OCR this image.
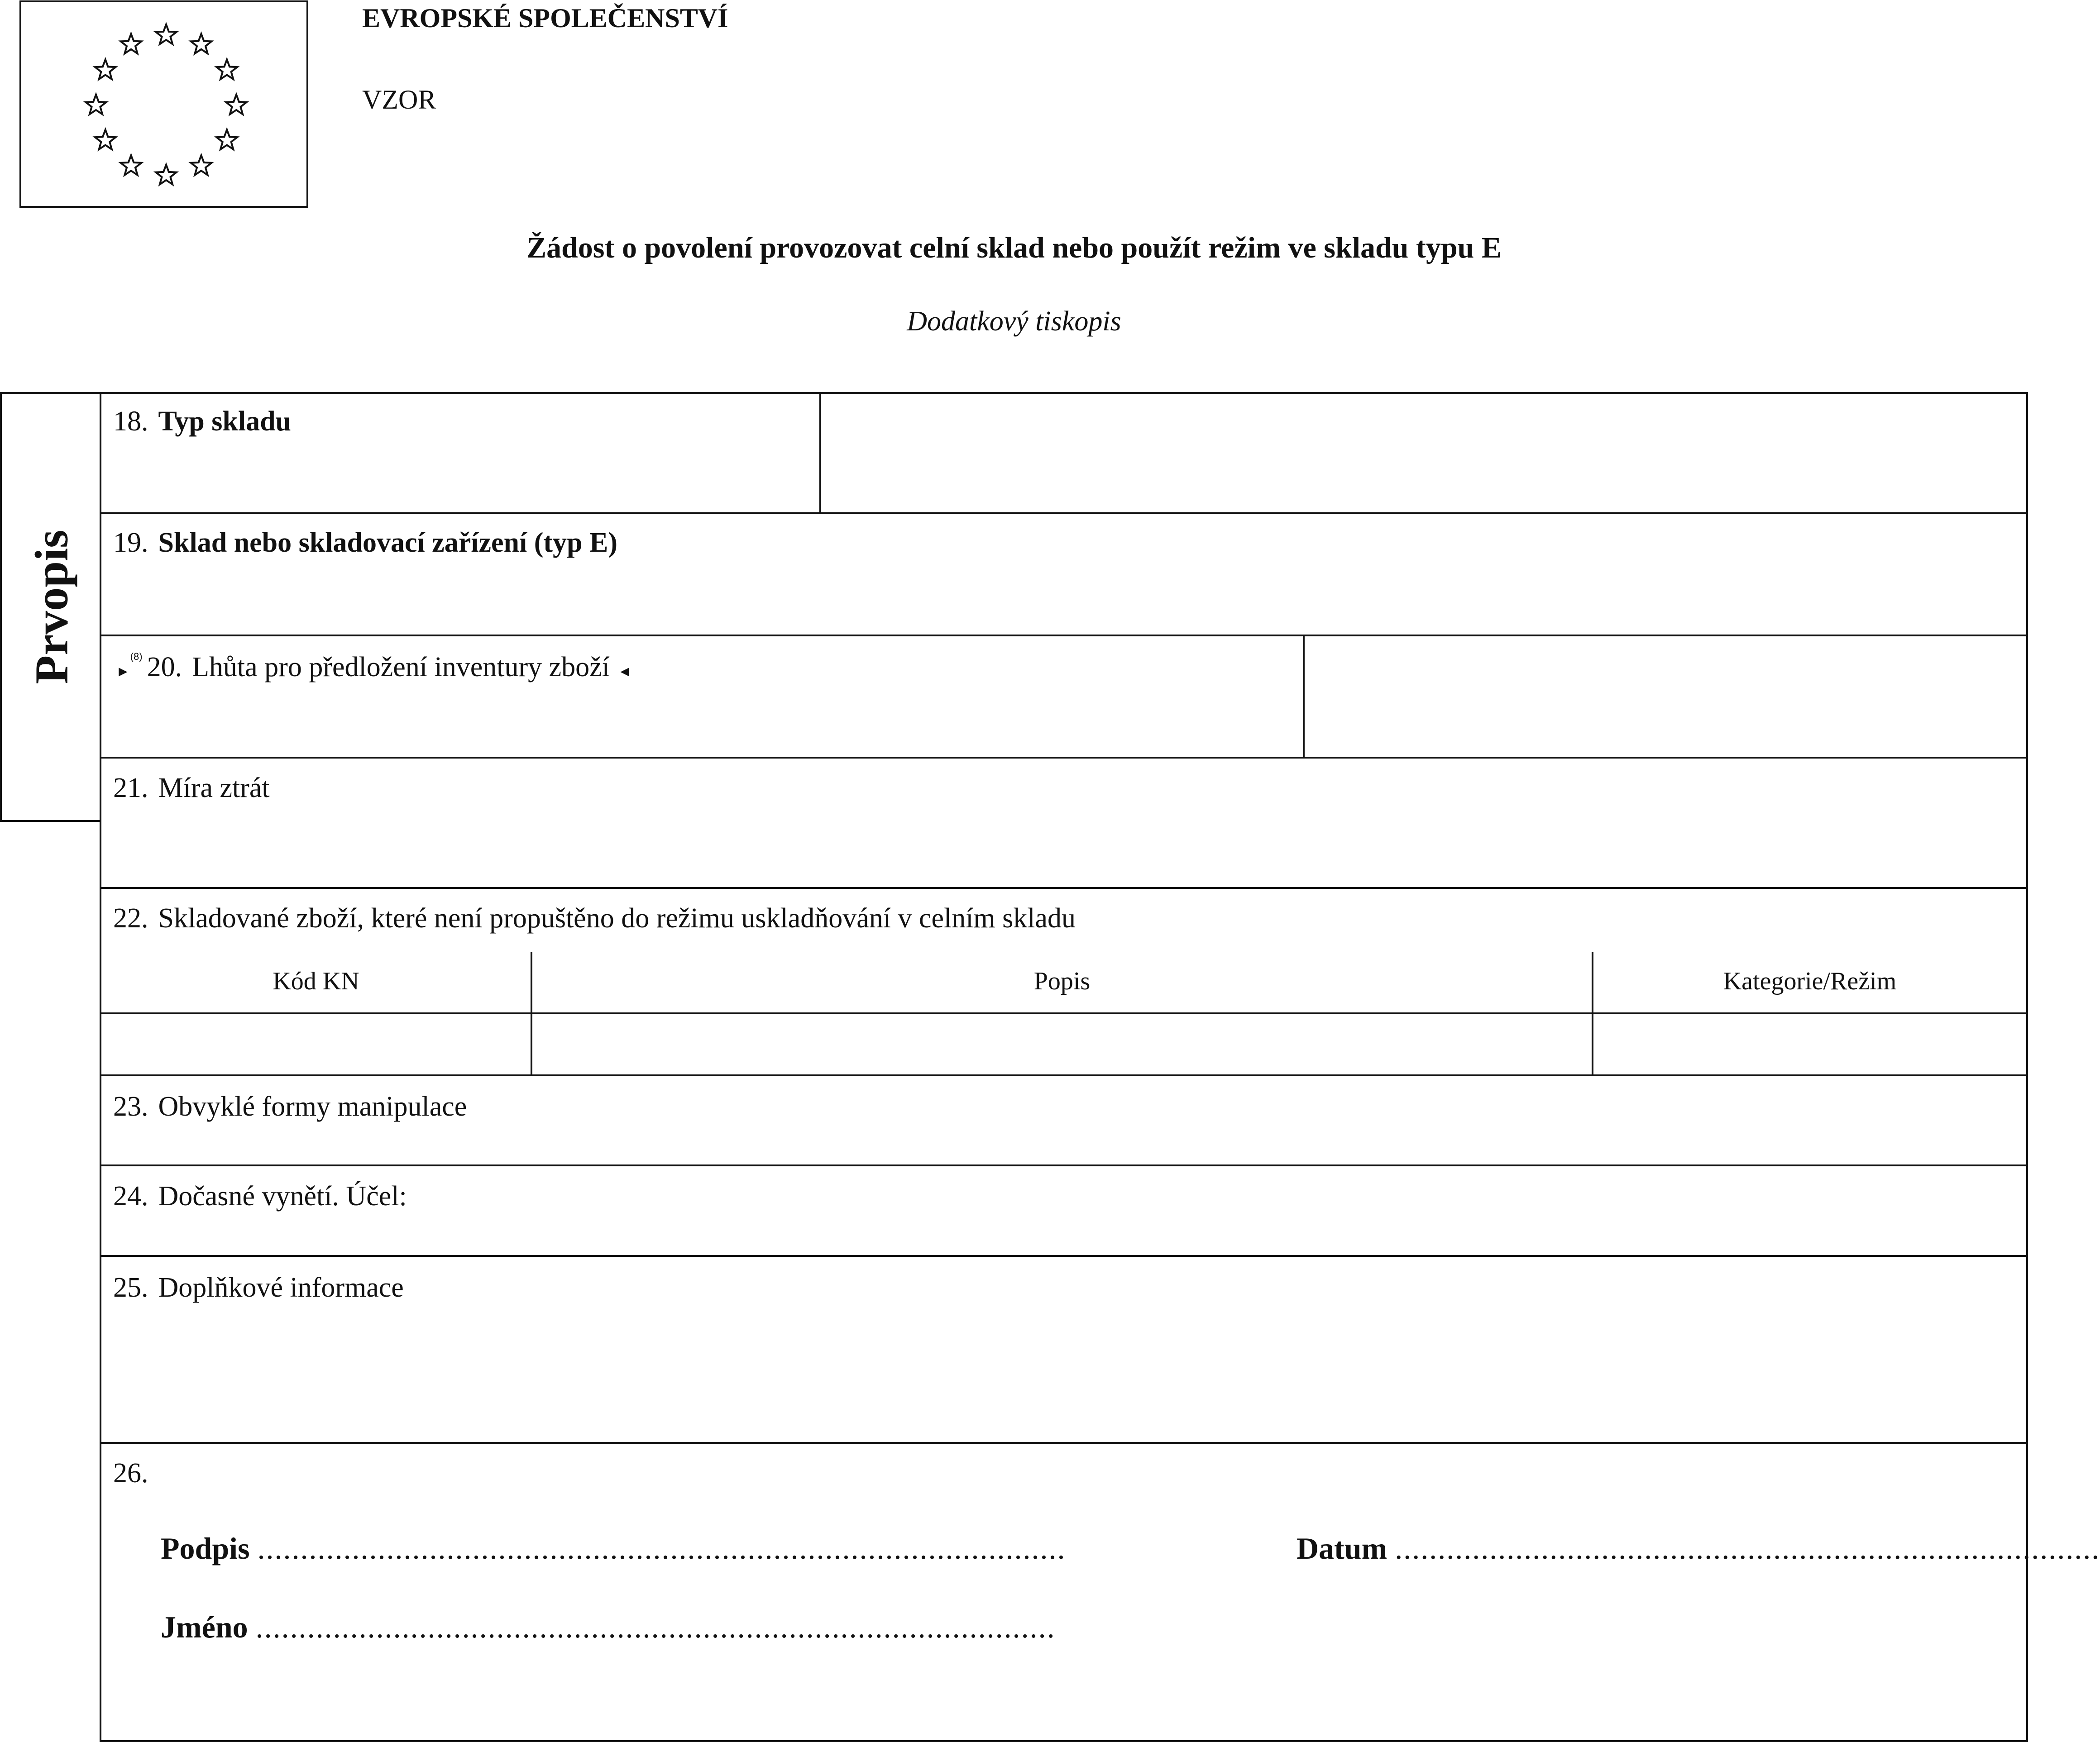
EVROPSKÉ SPOLEČENSTVÍ
VZOR
Žádost o povolení provozovat celní sklad nebo použít režim ve skladu typu E
Dodatkový tiskopis
Prvopis
18. Typ skladu
19. Sklad nebo skladovací zařízení (typ E)
►$^{(8)}$ 20. Lhůta pro předložení inventury zboží ◄
21. Míra ztrát
22. Skladované zboží, které není propuštěno do režimu uskladňování v celním skladu
Kód KN	Popis	Kategorie/Režim
23. Obvyklé formy manipulace
24. Dočasné vynětí. Účel:
25. Doplňkové informace
26.
Podpis ..............................................................................................	Datum ..................................................................................
Jméno .............................................................................................
